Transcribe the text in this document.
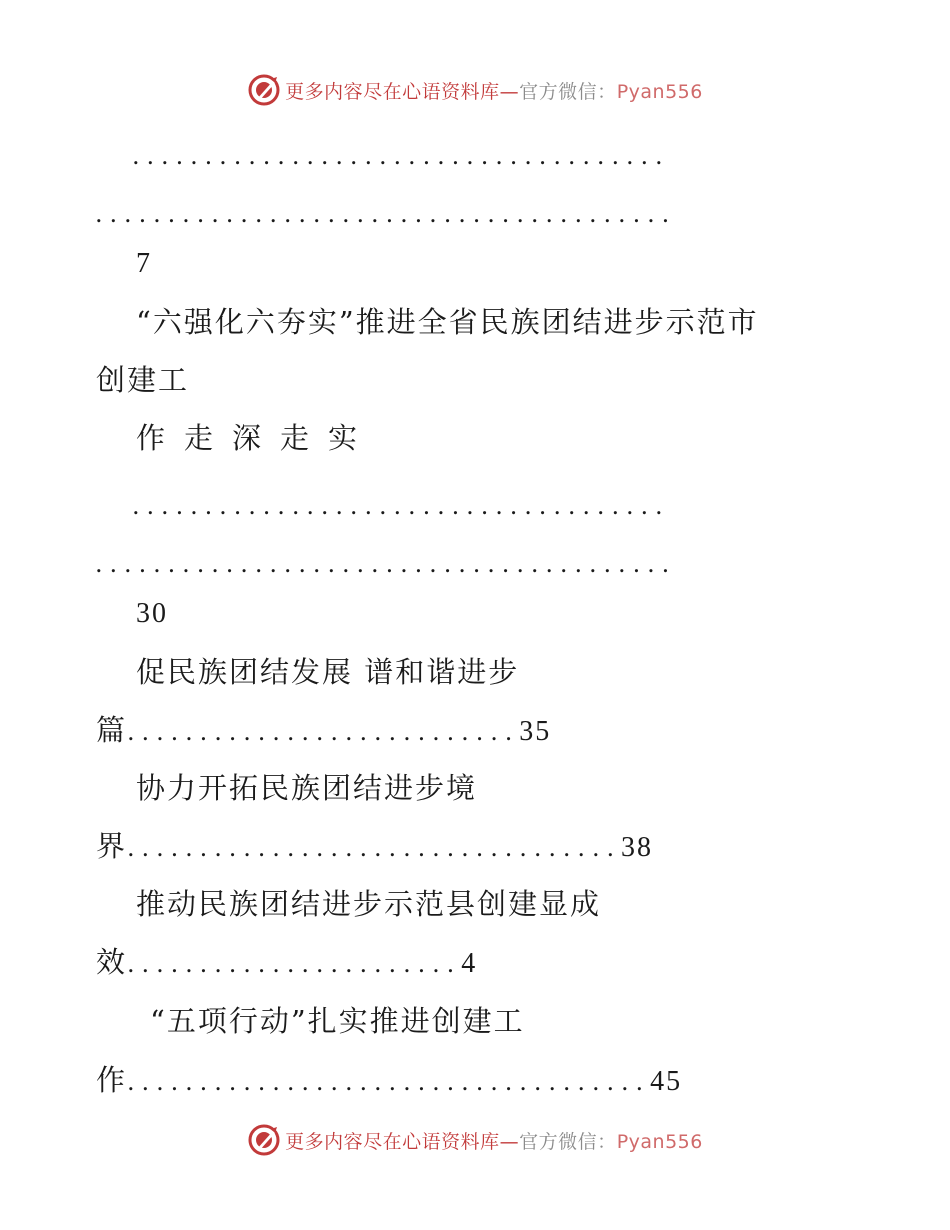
更多内容尽在心语资料库—官方微信：Pyan556
.....................................
........................................
7
“六强化六夯实”推进全省民族团结进步示范市
创建工
作走深走实
.....................................
........................................
30
促民族团结发展 谱和谐进步
篇...........................35
协力开拓民族团结进步境
界..................................38
推动民族团结进步示范县创建显成
效.......................4
“五项行动”扎实推进创建工
作....................................45
更多内容尽在心语资料库—官方微信：Pyan556
